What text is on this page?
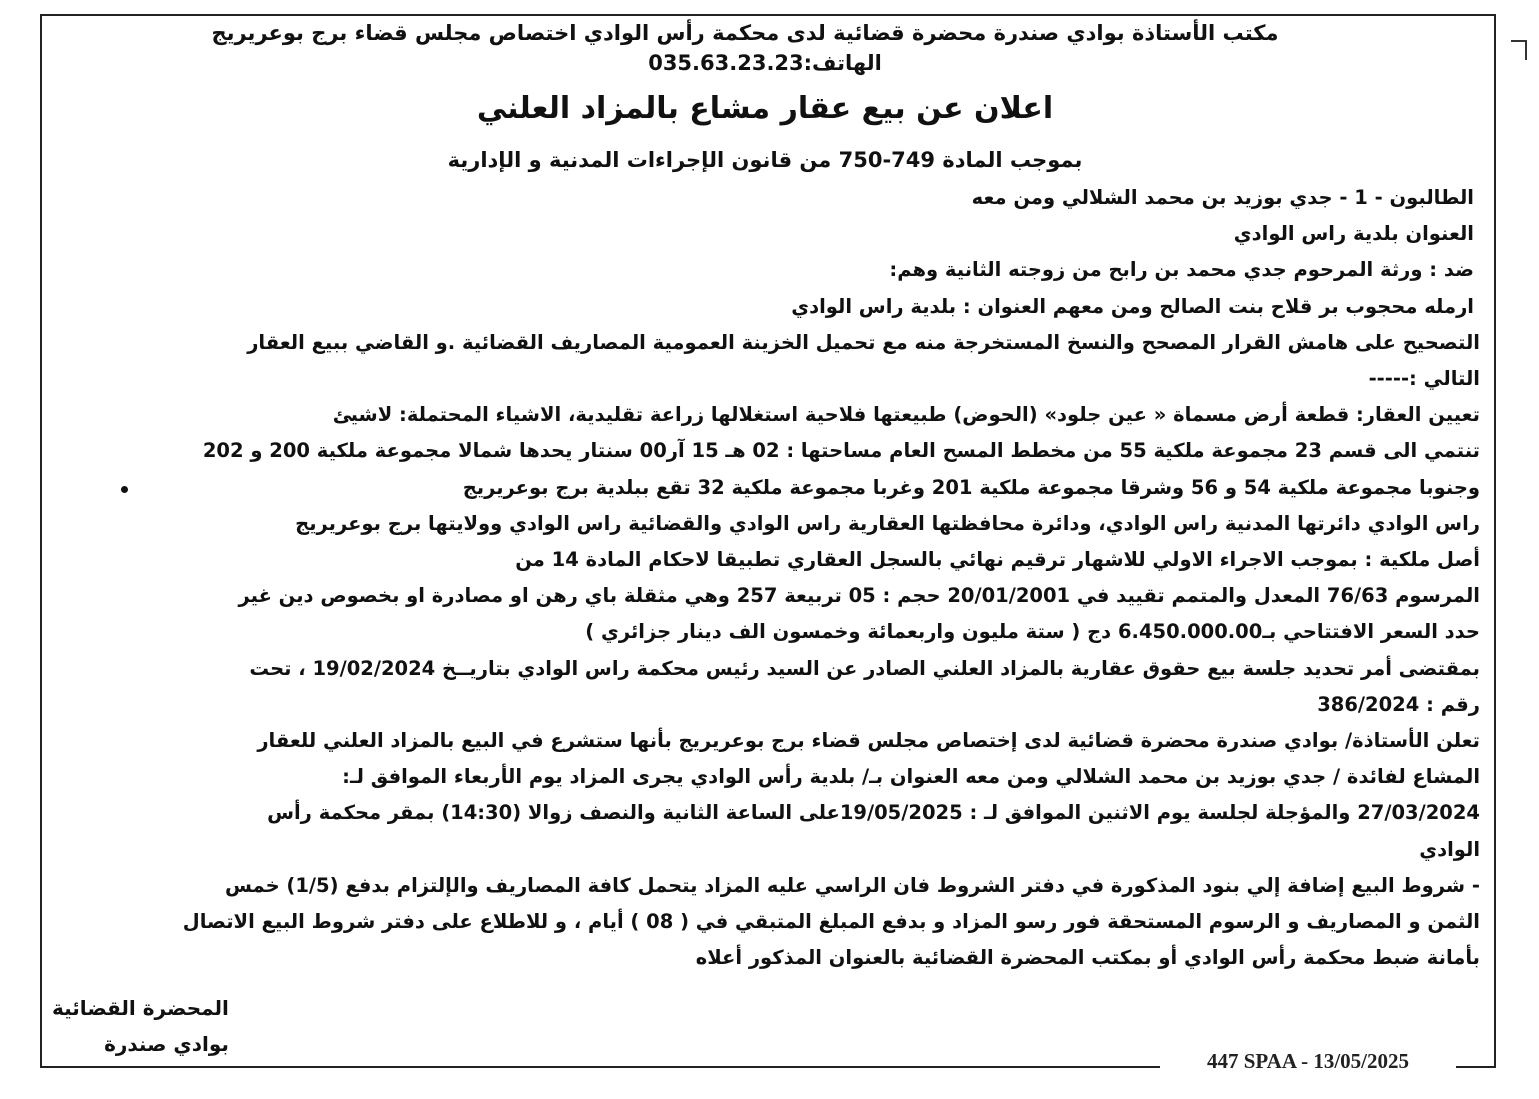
مكتب الأستاذة بوادي صندرة محضرة قضائية لدى محكمة رأس الوادي اختصاص مجلس قضاء برج بوعريريج

الهاتف:035.63.23.23

اعلان عن بيع عقار مشاع بالمزاد العلني

بموجب المادة 749-750 من قانون الإجراءات المدنية و الإدارية

الطالبون - 1 - جدي بوزيد بن محمد الشلالي ومن معه

العنوان بلدية راس الوادي

ضد : ورثة المرحوم جدي محمد بن رابح من زوجته الثانية وهم:

ارمله محجوب بر قلاح بنت الصالح ومن معهم العنوان : بلدية راس الوادي

التصحيح على هامش القرار المصحح والنسخ المستخرجة منه مع تحميل الخزينة العمومية المصاريف القضائية .و القاضي ببيع العقار

التالي :-----

تعيين العقار: قطعة أرض مسماة « عين جلود» (الحوض) طبيعتها فلاحية استغلالها زراعة تقليدية، الاشياء المحتملة: لاشيئ

تنتمي الى قسم 23 مجموعة ملكية 55 من مخطط المسح العام مساحتها : 02 هـ 15 آر00 سنتار يحدها شمالا مجموعة ملكية 200 و 202

وجنوبا مجموعة ملكية 54 و 56 وشرقا مجموعة ملكية 201 وغربا مجموعة ملكية 32 تقع ببلدية برج بوعريريج

راس الوادي دائرتها المدنية راس الوادي، ودائرة محافظتها العقارية راس الوادي والقضائية راس الوادي وولايتها برج بوعريريج

أصل ملكية : بموجب الاجراء الاولي للاشهار ترقيم نهائي بالسجل العقاري تطبيقا لاحكام المادة 14 من

المرسوم 76/63 المعدل والمتمم تقييد في 20/01/2001 حجم : 05 تربيعة 257 وهي مثقلة باي رهن او مصادرة او بخصوص دين غير

حدد السعر الافتتاحي بـ6.450.000.00 دج ( ستة مليون واربعمائة وخمسون الف دينار جزائري )

بمقتضى أمر تحديد جلسة بيع حقوق عقارية بالمزاد العلني الصادر عن السيد رئيس محكمة راس الوادي بتاريــخ 19/02/2024 ، تحت

رقم : 386/2024

تعلن الأستاذة/ بوادي صندرة محضرة قضائية لدى إختصاص مجلس قضاء برج بوعريريج بأنها ستشرع في البيع بالمزاد العلني للعقار

المشاع لفائدة / جدي بوزيد بن محمد الشلالي ومن معه العنوان بـ/ بلدية رأس الوادي يجرى المزاد يوم الأربعاء الموافق لـ:

27/03/2024 والمؤجلة لجلسة يوم الاثنين الموافق لـ : 19/05/2025على الساعة الثانية والنصف زوالا (14:30) بمقر محكمة رأس

الوادي

- شروط البيع إضافة إلي بنود المذكورة في دفتر الشروط فان الراسي عليه المزاد يتحمل كافة المصاريف والإلتزام بدفع (1/5) خمس

الثمن و المصاريف و الرسوم المستحقة فور رسو المزاد و بدفع المبلغ المتبقي في ( 08 ) أيام ، و للاطلاع على دفتر شروط البيع الاتصال

بأمانة ضبط محكمة رأس الوادي أو بمكتب المحضرة القضائية بالعنوان المذكور أعلاه

المحضرة القضائية
بوادي صندرة
447 SPAA - 13/05/2025
